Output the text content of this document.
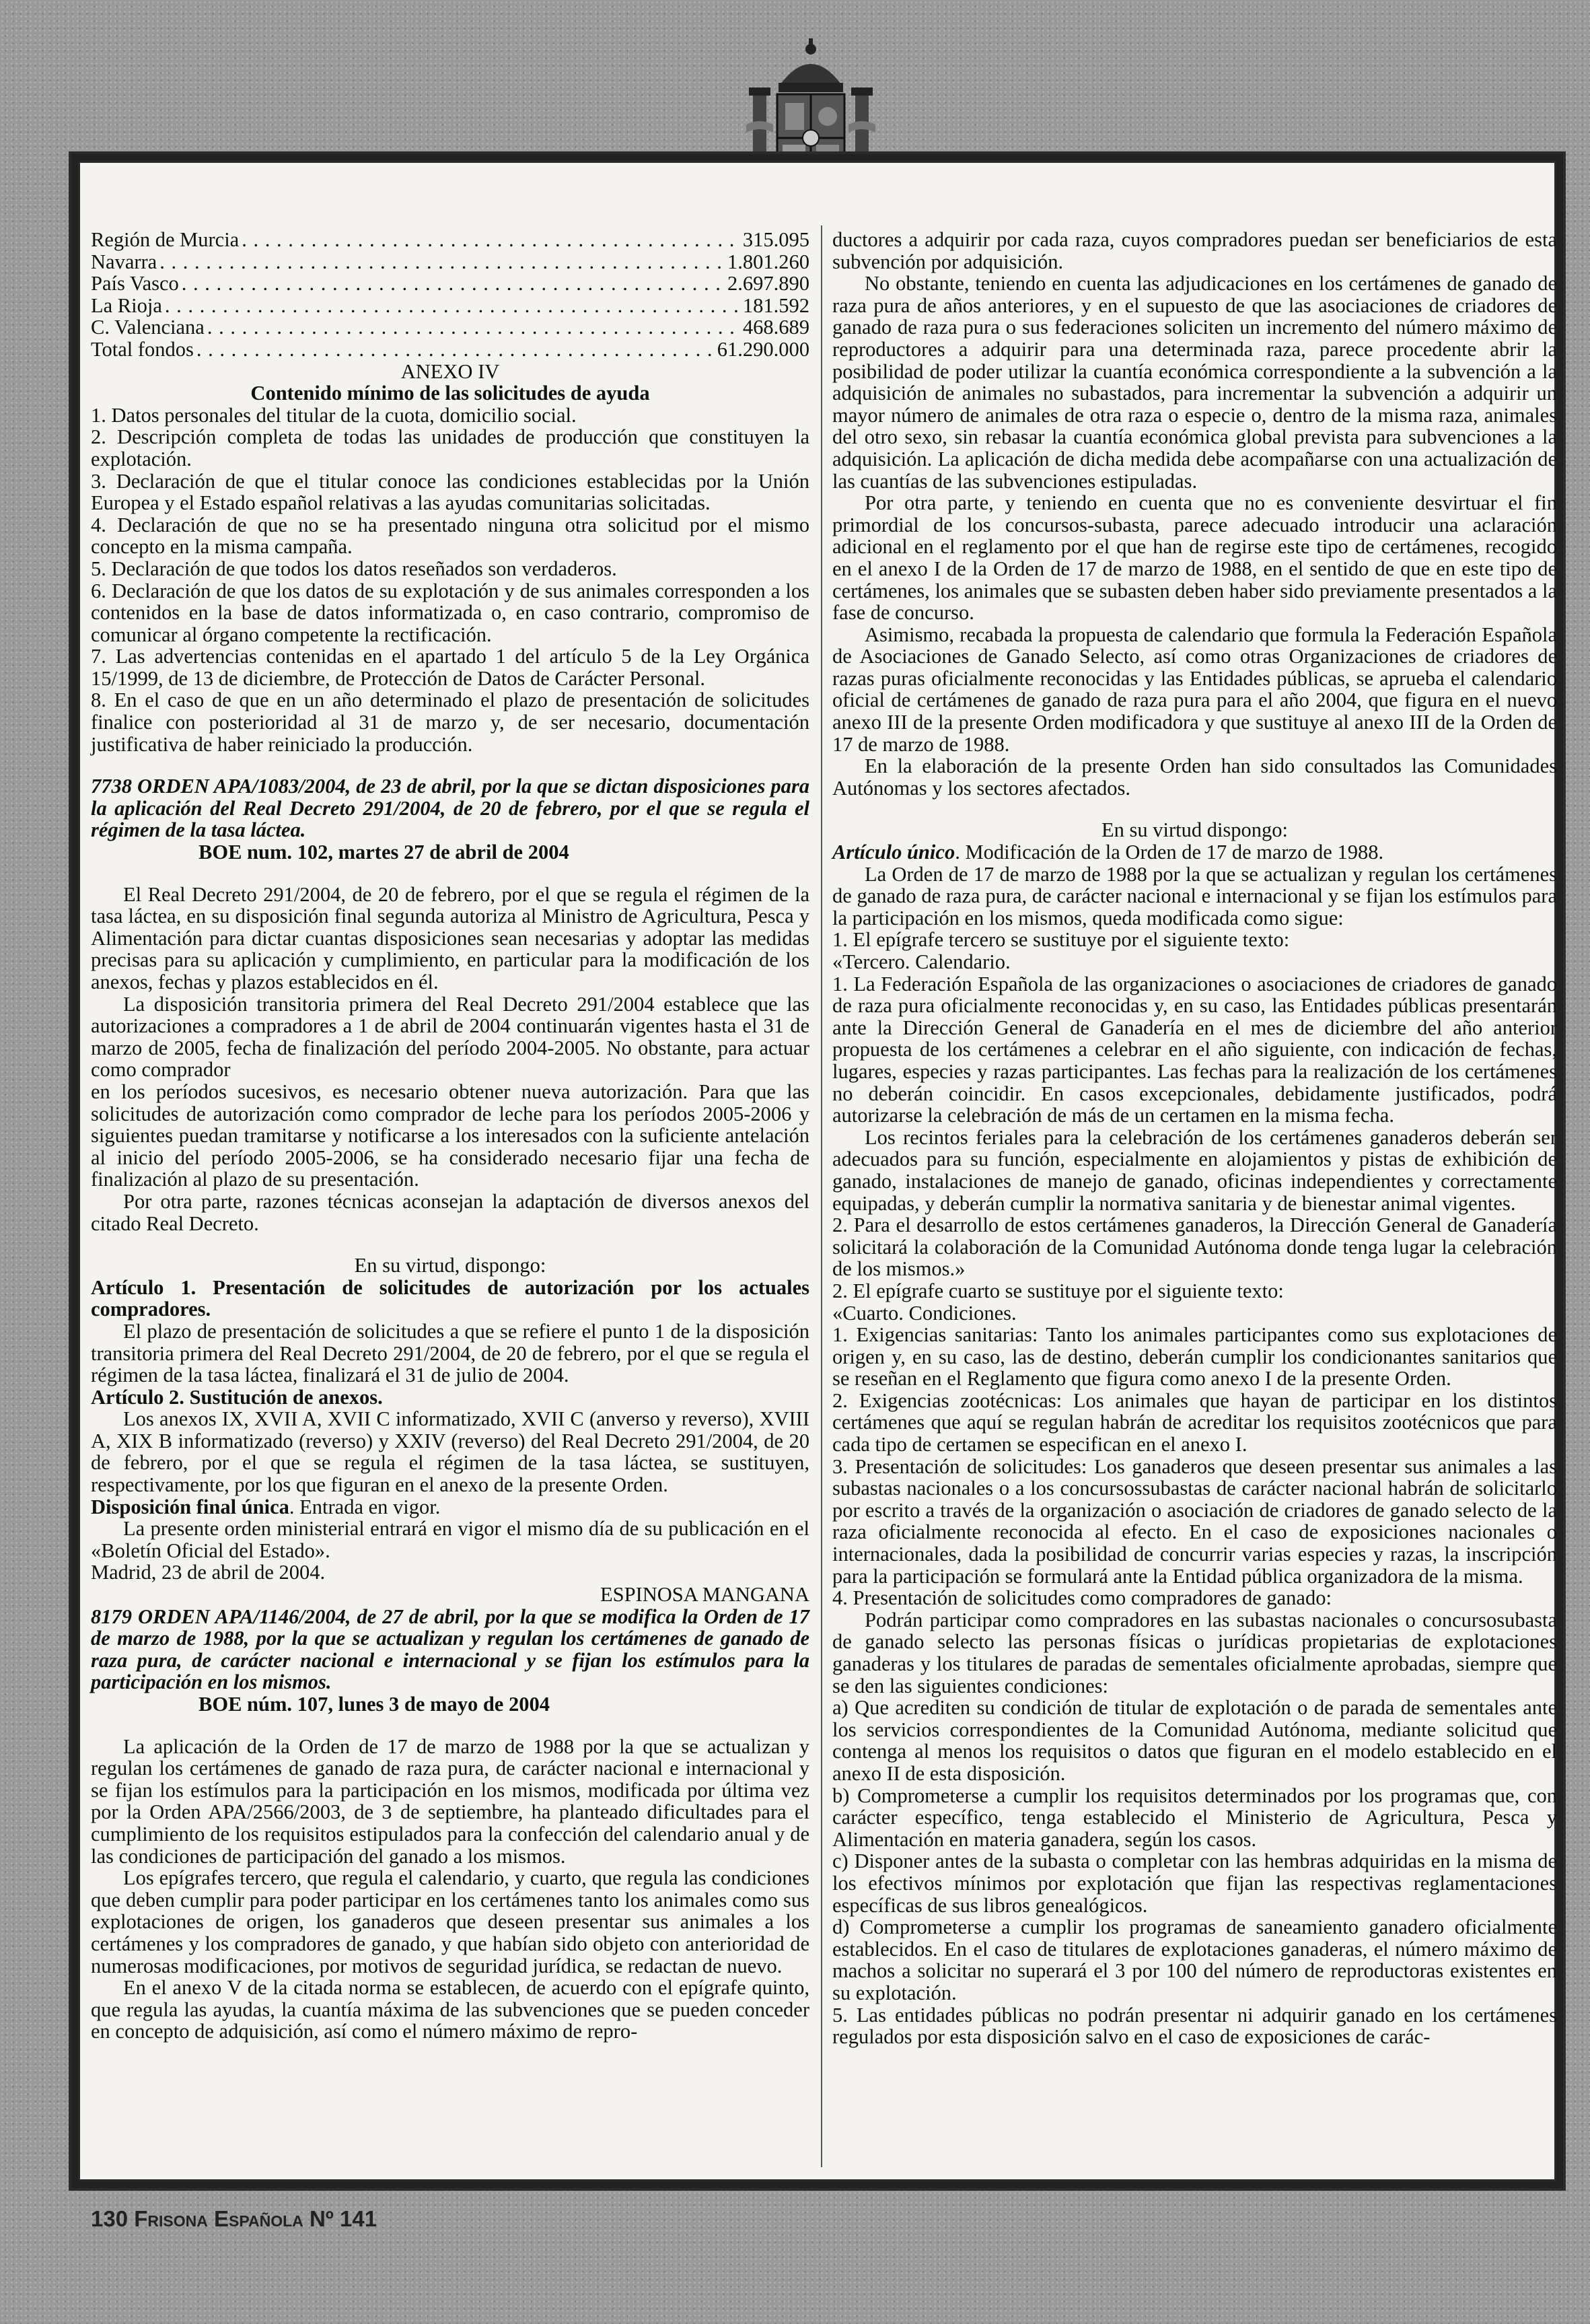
Región de Murcia . . .	315.095
Navarra . . .	1.801.260
País Vasco . . .	2.697.890
La Rioja . . .	181.592
C. Valenciana . . .	468.689
Total fondos . . .	61.290.000

ANEXO IV

Contenido mínimo de las solicitudes de ayuda

1. Datos personales del titular de la cuota, domicilio social.

2. Descripción completa de todas las unidades de producción que constituyen la explotación.

3. Declaración de que el titular conoce las condiciones establecidas por la Unión Europea y el Estado español relativas a las ayudas comunitarias solicitadas.

4. Declaración de que no se ha presentado ninguna otra solicitud por el mismo concepto en la misma campaña.

5. Declaración de que todos los datos reseñados son verdaderos.

6. Declaración de que los datos de su explotación y de sus animales corresponden a los contenidos en la base de datos informatizada o, en caso contrario, compromiso de comunicar al órgano competente la rectificación.

7. Las advertencias contenidas en el apartado 1 del artículo 5 de la Ley Orgánica 15/1999, de 13 de diciembre, de Protección de Datos de Carácter Personal.

8. En el caso de que en un año determinado el plazo de presentación de solicitudes finalice con posterioridad al 31 de marzo y, de ser necesario, documentación justificativa de haber reiniciado la producción.

7738 ORDEN APA/1083/2004, de 23 de abril, por la que se dictan disposiciones para la aplicación del Real Decreto 291/2004, de 20 de febrero, por el que se regula el régimen de la tasa láctea.

BOE num. 102, martes 27 de abril de 2004

El Real Decreto 291/2004, de 20 de febrero, por el que se regula el régimen de la tasa láctea, en su disposición final segunda autoriza al Ministro de Agricultura, Pesca y Alimentación para dictar cuantas disposiciones sean necesarias y adoptar las medidas precisas para su aplicación y cumplimiento, en particular para la modificación de los anexos, fechas y plazos establecidos en él.

La disposición transitoria primera del Real Decreto 291/2004 establece que las autorizaciones a compradores a 1 de abril de 2004 continuarán vigentes hasta el 31 de marzo de 2005, fecha de finalización del período 2004-2005. No obstante, para actuar como comprador

en los períodos sucesivos, es necesario obtener nueva autorización. Para que las solicitudes de autorización como comprador de leche para los períodos 2005-2006 y siguientes puedan tramitarse y notificarse a los interesados con la suficiente antelación al inicio del período 2005-2006, se ha considerado necesario fijar una fecha de finalización al plazo de su presentación.

Por otra parte, razones técnicas aconsejan la adaptación de diversos anexos del citado Real Decreto.

En su virtud, dispongo:

Artículo 1. Presentación de solicitudes de autorización por los actuales compradores.

El plazo de presentación de solicitudes a que se refiere el punto 1 de la disposición transitoria primera del Real Decreto 291/2004, de 20 de febrero, por el que se regula el régimen de la tasa láctea, finalizará el 31 de julio de 2004.

Artículo 2. Sustitución de anexos.

Los anexos IX, XVII A, XVII C informatizado, XVII C (anverso y reverso), XVIII A, XIX B informatizado (reverso) y XXIV (reverso) del Real Decreto 291/2004, de 20 de febrero, por el que se regula el régimen de la tasa láctea, se sustituyen, respectivamente, por los que figuran en el anexo de la presente Orden.

Disposición final única. Entrada en vigor.

La presente orden ministerial entrará en vigor el mismo día de su publicación en el «Boletín Oficial del Estado».

Madrid, 23 de abril de 2004.

ESPINOSA MANGANA

8179 ORDEN APA/1146/2004, de 27 de abril, por la que se modifica la Orden de 17 de marzo de 1988, por la que se actualizan y regulan los certámenes de ganado de raza pura, de carácter nacional e internacional y se fijan los estímulos para la participación en los mismos.

BOE núm. 107, lunes 3 de mayo de 2004

La aplicación de la Orden de 17 de marzo de 1988 por la que se actualizan y regulan los certámenes de ganado de raza pura, de carácter nacional e internacional y se fijan los estímulos para la participación en los mismos, modificada por última vez por la Orden APA/2566/2003, de 3 de septiembre, ha planteado dificultades para el cumplimiento de los requisitos estipulados para la confección del calendario anual y de las condiciones de participación del ganado a los mismos.

Los epígrafes tercero, que regula el calendario, y cuarto, que regula las condiciones que deben cumplir para poder participar en los certámenes tanto los animales como sus explotaciones de origen, los ganaderos que deseen presentar sus animales a los certámenes y los compradores de ganado, y que habían sido objeto con anterioridad de numerosas modificaciones, por motivos de seguridad jurídica, se redactan de nuevo.

En el anexo V de la citada norma se establecen, de acuerdo con el epígrafe quinto, que regula las ayudas, la cuantía máxima de las subvenciones que se pueden conceder en concepto de adquisición, así como el número máximo de repro-

ductores a adquirir por cada raza, cuyos compradores puedan ser beneficiarios de esta subvención por adquisición.

No obstante, teniendo en cuenta las adjudicaciones en los certámenes de ganado de raza pura de años anteriores, y en el supuesto de que las asociaciones de criadores de ganado de raza pura o sus federaciones soliciten un incremento del número máximo de reproductores a adquirir para una determinada raza, parece procedente abrir la posibilidad de poder utilizar la cuantía económica correspondiente a la subvención a la adquisición de animales no subastados, para incrementar la subvención a adquirir un mayor número de animales de otra raza o especie o, dentro de la misma raza, animales del otro sexo, sin rebasar la cuantía económica global prevista para subvenciones a la adquisición. La aplicación de dicha medida debe acompañarse con una actualización de las cuantías de las subvenciones estipuladas.

Por otra parte, y teniendo en cuenta que no es conveniente desvirtuar el fin primordial de los concursos-subasta, parece adecuado introducir una aclaración adicional en el reglamento por el que han de regirse este tipo de certámenes, recogido en el anexo I de la Orden de 17 de marzo de 1988, en el sentido de que en este tipo de certámenes, los animales que se subasten deben haber sido previamente presentados a la fase de concurso.

Asimismo, recabada la propuesta de calendario que formula la Federación Española de Asociaciones de Ganado Selecto, así como otras Organizaciones de criadores de razas puras oficialmente reconocidas y las Entidades públicas, se aprueba el calendario oficial de certámenes de ganado de raza pura para el año 2004, que figura en el nuevo anexo III de la presente Orden modificadora y que sustituye al anexo III de la Orden de 17 de marzo de 1988.

En la elaboración de la presente Orden han sido consultados las Comunidades Autónomas y los sectores afectados.

En su virtud dispongo:

Artículo único. Modificación de la Orden de 17 de marzo de 1988.

La Orden de 17 de marzo de 1988 por la que se actualizan y regulan los certámenes de ganado de raza pura, de carácter nacional e internacional y se fijan los estímulos para la participación en los mismos, queda modificada como sigue:

1. El epígrafe tercero se sustituye por el siguiente texto:

«Tercero. Calendario.

1. La Federación Española de las organizaciones o asociaciones de criadores de ganado de raza pura oficialmente reconocidas y, en su caso, las Entidades públicas presentarán ante la Dirección General de Ganadería en el mes de diciembre del año anterior propuesta de los certámenes a celebrar en el año siguiente, con indicación de fechas, lugares, especies y razas participantes. Las fechas para la realización de los certámenes no deberán coincidir. En casos excepcionales, debidamente justificados, podrá autorizarse la celebración de más de un certamen en la misma fecha.

Los recintos feriales para la celebración de los certámenes ganaderos deberán ser adecuados para su función, especialmente en alojamientos y pistas de exhibición de ganado, instalaciones de manejo de ganado, oficinas independientes y correctamente equipadas, y deberán cumplir la normativa sanitaria y de bienestar animal vigentes.

2. Para el desarrollo de estos certámenes ganaderos, la Dirección General de Ganadería solicitará la colaboración de la Comunidad Autónoma donde tenga lugar la celebración de los mismos.»

2. El epígrafe cuarto se sustituye por el siguiente texto:

«Cuarto. Condiciones.

1. Exigencias sanitarias: Tanto los animales participantes como sus explotaciones de origen y, en su caso, las de destino, deberán cumplir los condicionantes sanitarios que se reseñan en el Reglamento que figura como anexo I de la presente Orden.

2. Exigencias zootécnicas: Los animales que hayan de participar en los distintos certámenes que aquí se regulan habrán de acreditar los requisitos zootécnicos que para cada tipo de certamen se especifican en el anexo I.

3. Presentación de solicitudes: Los ganaderos que deseen presentar sus animales a las subastas nacionales o a los concursossubastas de carácter nacional habrán de solicitarlo por escrito a través de la organización o asociación de criadores de ganado selecto de la raza oficialmente reconocida al efecto. En el caso de exposiciones nacionales o internacionales, dada la posibilidad de concurrir varias especies y razas, la inscripción para la participación se formulará ante la Entidad pública organizadora de la misma.

4. Presentación de solicitudes como compradores de ganado:

Podrán participar como compradores en las subastas nacionales o concursosubasta de ganado selecto las personas físicas o jurídicas propietarias de explotaciones ganaderas y los titulares de paradas de sementales oficialmente aprobadas, siempre que se den las siguientes condiciones:

a) Que acrediten su condición de titular de explotación o de parada de sementales ante los servicios correspondientes de la Comunidad Autónoma, mediante solicitud que contenga al menos los requisitos o datos que figuran en el modelo establecido en el anexo II de esta disposición.

b) Comprometerse a cumplir los requisitos determinados por los programas que, con carácter específico, tenga establecido el Ministerio de Agricultura, Pesca y Alimentación en materia ganadera, según los casos.

c) Disponer antes de la subasta o completar con las hembras adquiridas en la misma de los efectivos mínimos por explotación que fijan las respectivas reglamentaciones específicas de sus libros genealógicos.

d) Comprometerse a cumplir los programas de saneamiento ganadero oficialmente establecidos. En el caso de titulares de explotaciones ganaderas, el número máximo de machos a solicitar no superará el 3 por 100 del número de reproductoras existentes en su explotación.

5. Las entidades públicas no podrán presentar ni adquirir ganado en los certámenes regulados por esta disposición salvo en el caso de exposiciones de carác-

130 Frisona Española Nº 141
